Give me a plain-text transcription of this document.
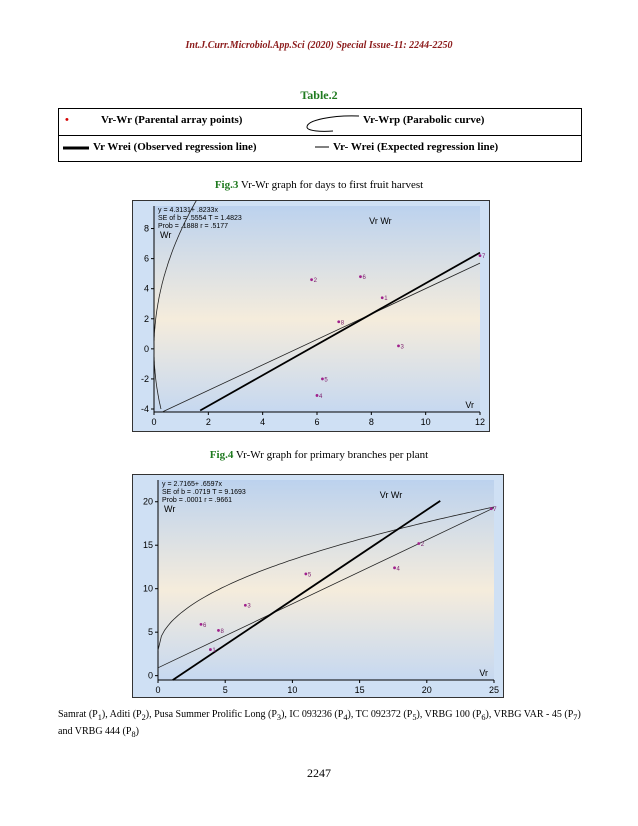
Int.J.Curr.Microbiol.App.Sci (2020) Special Issue-11: 2244-2250
Table.2
•	Vr-Wr (Parental array points)	Vr-Wrp (Parabolic curve)
Vr Wrei (Observed regression line)	Vr- Wrei (Expected regression line)
Fig.3 Vr-Wr graph for days to first fruit harvest
0	2	4	6	8	10	12
-4
-2
0
2
4
6
8
y = 4.3131+ .8233x
SE of b = .5554 T = 1.4823
Prob = .1888 r = .5177
Vr Wr
Wr
Vr
1
2
3
4
5
6
7
8
Fig.4 Vr-Wr graph for primary branches per plant
0	5	10	15	20	25
0
5
10
15
20
y = 2.7165+ .6597x
SE of b = .0719 T = 9.1693
Prob = .0001 r = .9661
Vr Wr
Wr
Vr
1
2
3
4
5
6
7
8
Samrat $(P_1)$, Aditi $(P_2)$, Pusa Summer Prolific Long $(P_3)$, IC 093236 $(P_4)$, TC 092372 $(P_5)$, VRBG 100 $(P_6)$, VRBG VAR - 45 $(P_7)$ and VRBG 444 $(P_8)$
2247
